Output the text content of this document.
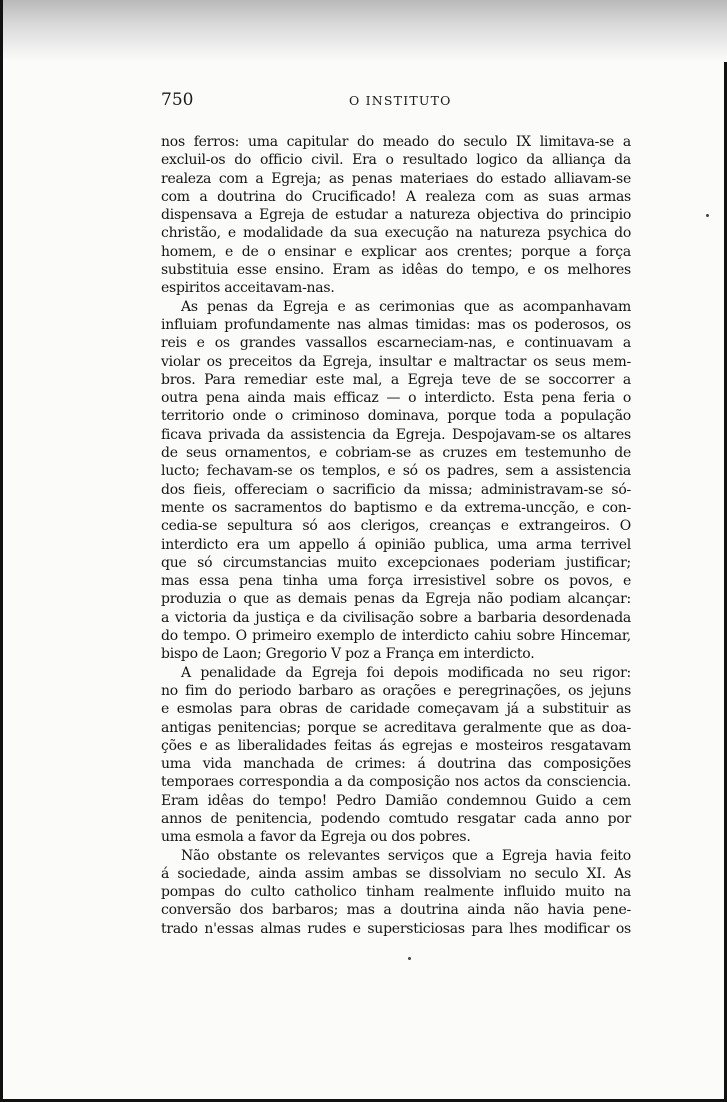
750	O INSTITUTO
nos ferros: uma capitular do meado do seculo IX limitava-se a
excluil-os do officio civil. Era o resultado logico da alliança da
realeza com a Egreja; as penas materiaes do estado alliavam-se
com a doutrina do Crucificado! A realeza com as suas armas
dispensava a Egreja de estudar a natureza objectiva do principio
christão, e modalidade da sua execução na natureza psychica do
homem, e de o ensinar e explicar aos crentes; porque a força
substituia esse ensino. Eram as idêas do tempo, e os melhores
espiritos acceitavam-nas.
As penas da Egreja e as cerimonias que as acompanhavam
influiam profundamente nas almas timidas: mas os poderosos, os
reis e os grandes vassallos escarneciam-nas, e continuavam a
violar os preceitos da Egreja, insultar e maltractar os seus mem-
bros. Para remediar este mal, a Egreja teve de se soccorrer a
outra pena ainda mais efficaz — o interdicto. Esta pena feria o
territorio onde o criminoso dominava, porque toda a população
ficava privada da assistencia da Egreja. Despojavam-se os altares
de seus ornamentos, e cobriam-se as cruzes em testemunho de
lucto; fechavam-se os templos, e só os padres, sem a assistencia
dos fieis, offereciam o sacrificio da missa; administravam-se só-
mente os sacramentos do baptismo e da extrema-uncção, e con-
cedia-se sepultura só aos clerigos, creanças e extrangeiros. O
interdicto era um appello á opinião publica, uma arma terrivel
que só circumstancias muito excepcionaes poderiam justificar;
mas essa pena tinha uma força irresistivel sobre os povos, e
produzia o que as demais penas da Egreja não podiam alcançar:
a victoria da justiça e da civilisação sobre a barbaria desordenada
do tempo. O primeiro exemplo de interdicto cahiu sobre Hincemar,
bispo de Laon; Gregorio V poz a França em interdicto.
A penalidade da Egreja foi depois modificada no seu rigor:
no fim do periodo barbaro as orações e peregrinações, os jejuns
e esmolas para obras de caridade começavam já a substituir as
antigas penitencias; porque se acreditava geralmente que as doa-
ções e as liberalidades feitas ás egrejas e mosteiros resgatavam
uma vida manchada de crimes: á doutrina das composições
temporaes correspondia a da composição nos actos da consciencia.
Eram idêas do tempo! Pedro Damião condemnou Guido a cem
annos de penitencia, podendo comtudo resgatar cada anno por
uma esmola a favor da Egreja ou dos pobres.
Não obstante os relevantes serviços que a Egreja havia feito
á sociedade, ainda assim ambas se dissolviam no seculo XI. As
pompas do culto catholico tinham realmente influido muito na
conversão dos barbaros; mas a doutrina ainda não havia pene-
trado n'essas almas rudes e supersticiosas para lhes modificar os
